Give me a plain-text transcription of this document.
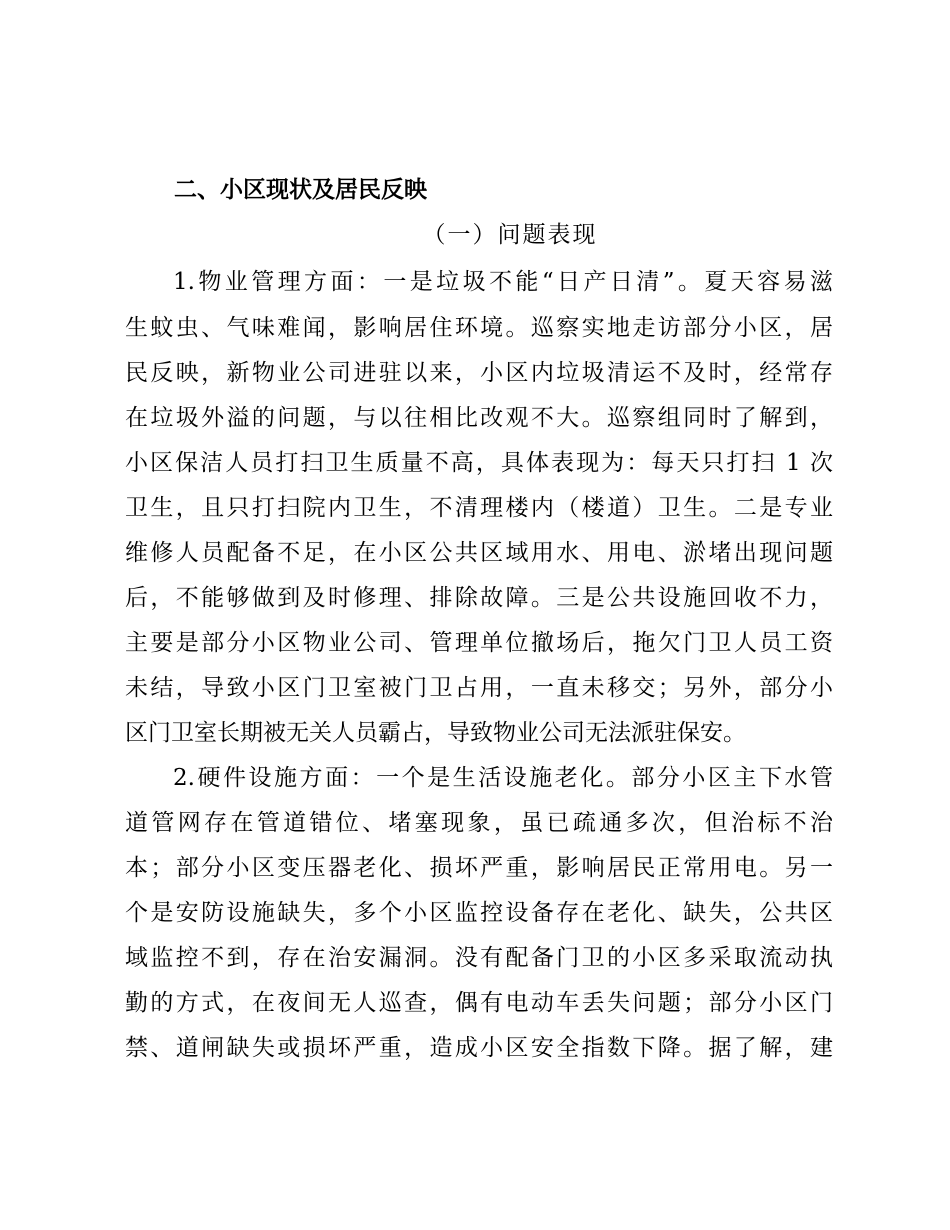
二、小区现状及居民反映
（一）问题表现
1.物业管理方面：一是垃圾不能“日产日清”。夏天容易滋
生蚊虫、气味难闻，影响居住环境。巡察实地走访部分小区，居
民反映，新物业公司进驻以来，小区内垃圾清运不及时，经常存
在垃圾外溢的问题，与以往相比改观不大。巡察组同时了解到，
小区保洁人员打扫卫生质量不高，具体表现为：每天只打扫 1 次
卫生，且只打扫院内卫生，不清理楼内（楼道）卫生。二是专业
维修人员配备不足，在小区公共区域用水、用电、淤堵出现问题
后，不能够做到及时修理、排除故障。三是公共设施回收不力，
主要是部分小区物业公司、管理单位撤场后，拖欠门卫人员工资
未结，导致小区门卫室被门卫占用，一直未移交；另外，部分小
区门卫室长期被无关人员霸占，导致物业公司无法派驻保安。
2.硬件设施方面：一个是生活设施老化。部分小区主下水管
道管网存在管道错位、堵塞现象，虽已疏通多次，但治标不治
本；部分小区变压器老化、损坏严重，影响居民正常用电。另一
个是安防设施缺失，多个小区监控设备存在老化、缺失，公共区
域监控不到，存在治安漏洞。没有配备门卫的小区多采取流动执
勤的方式，在夜间无人巡查，偶有电动车丢失问题；部分小区门
禁、道闸缺失或损坏严重，造成小区安全指数下降。据了解，建
